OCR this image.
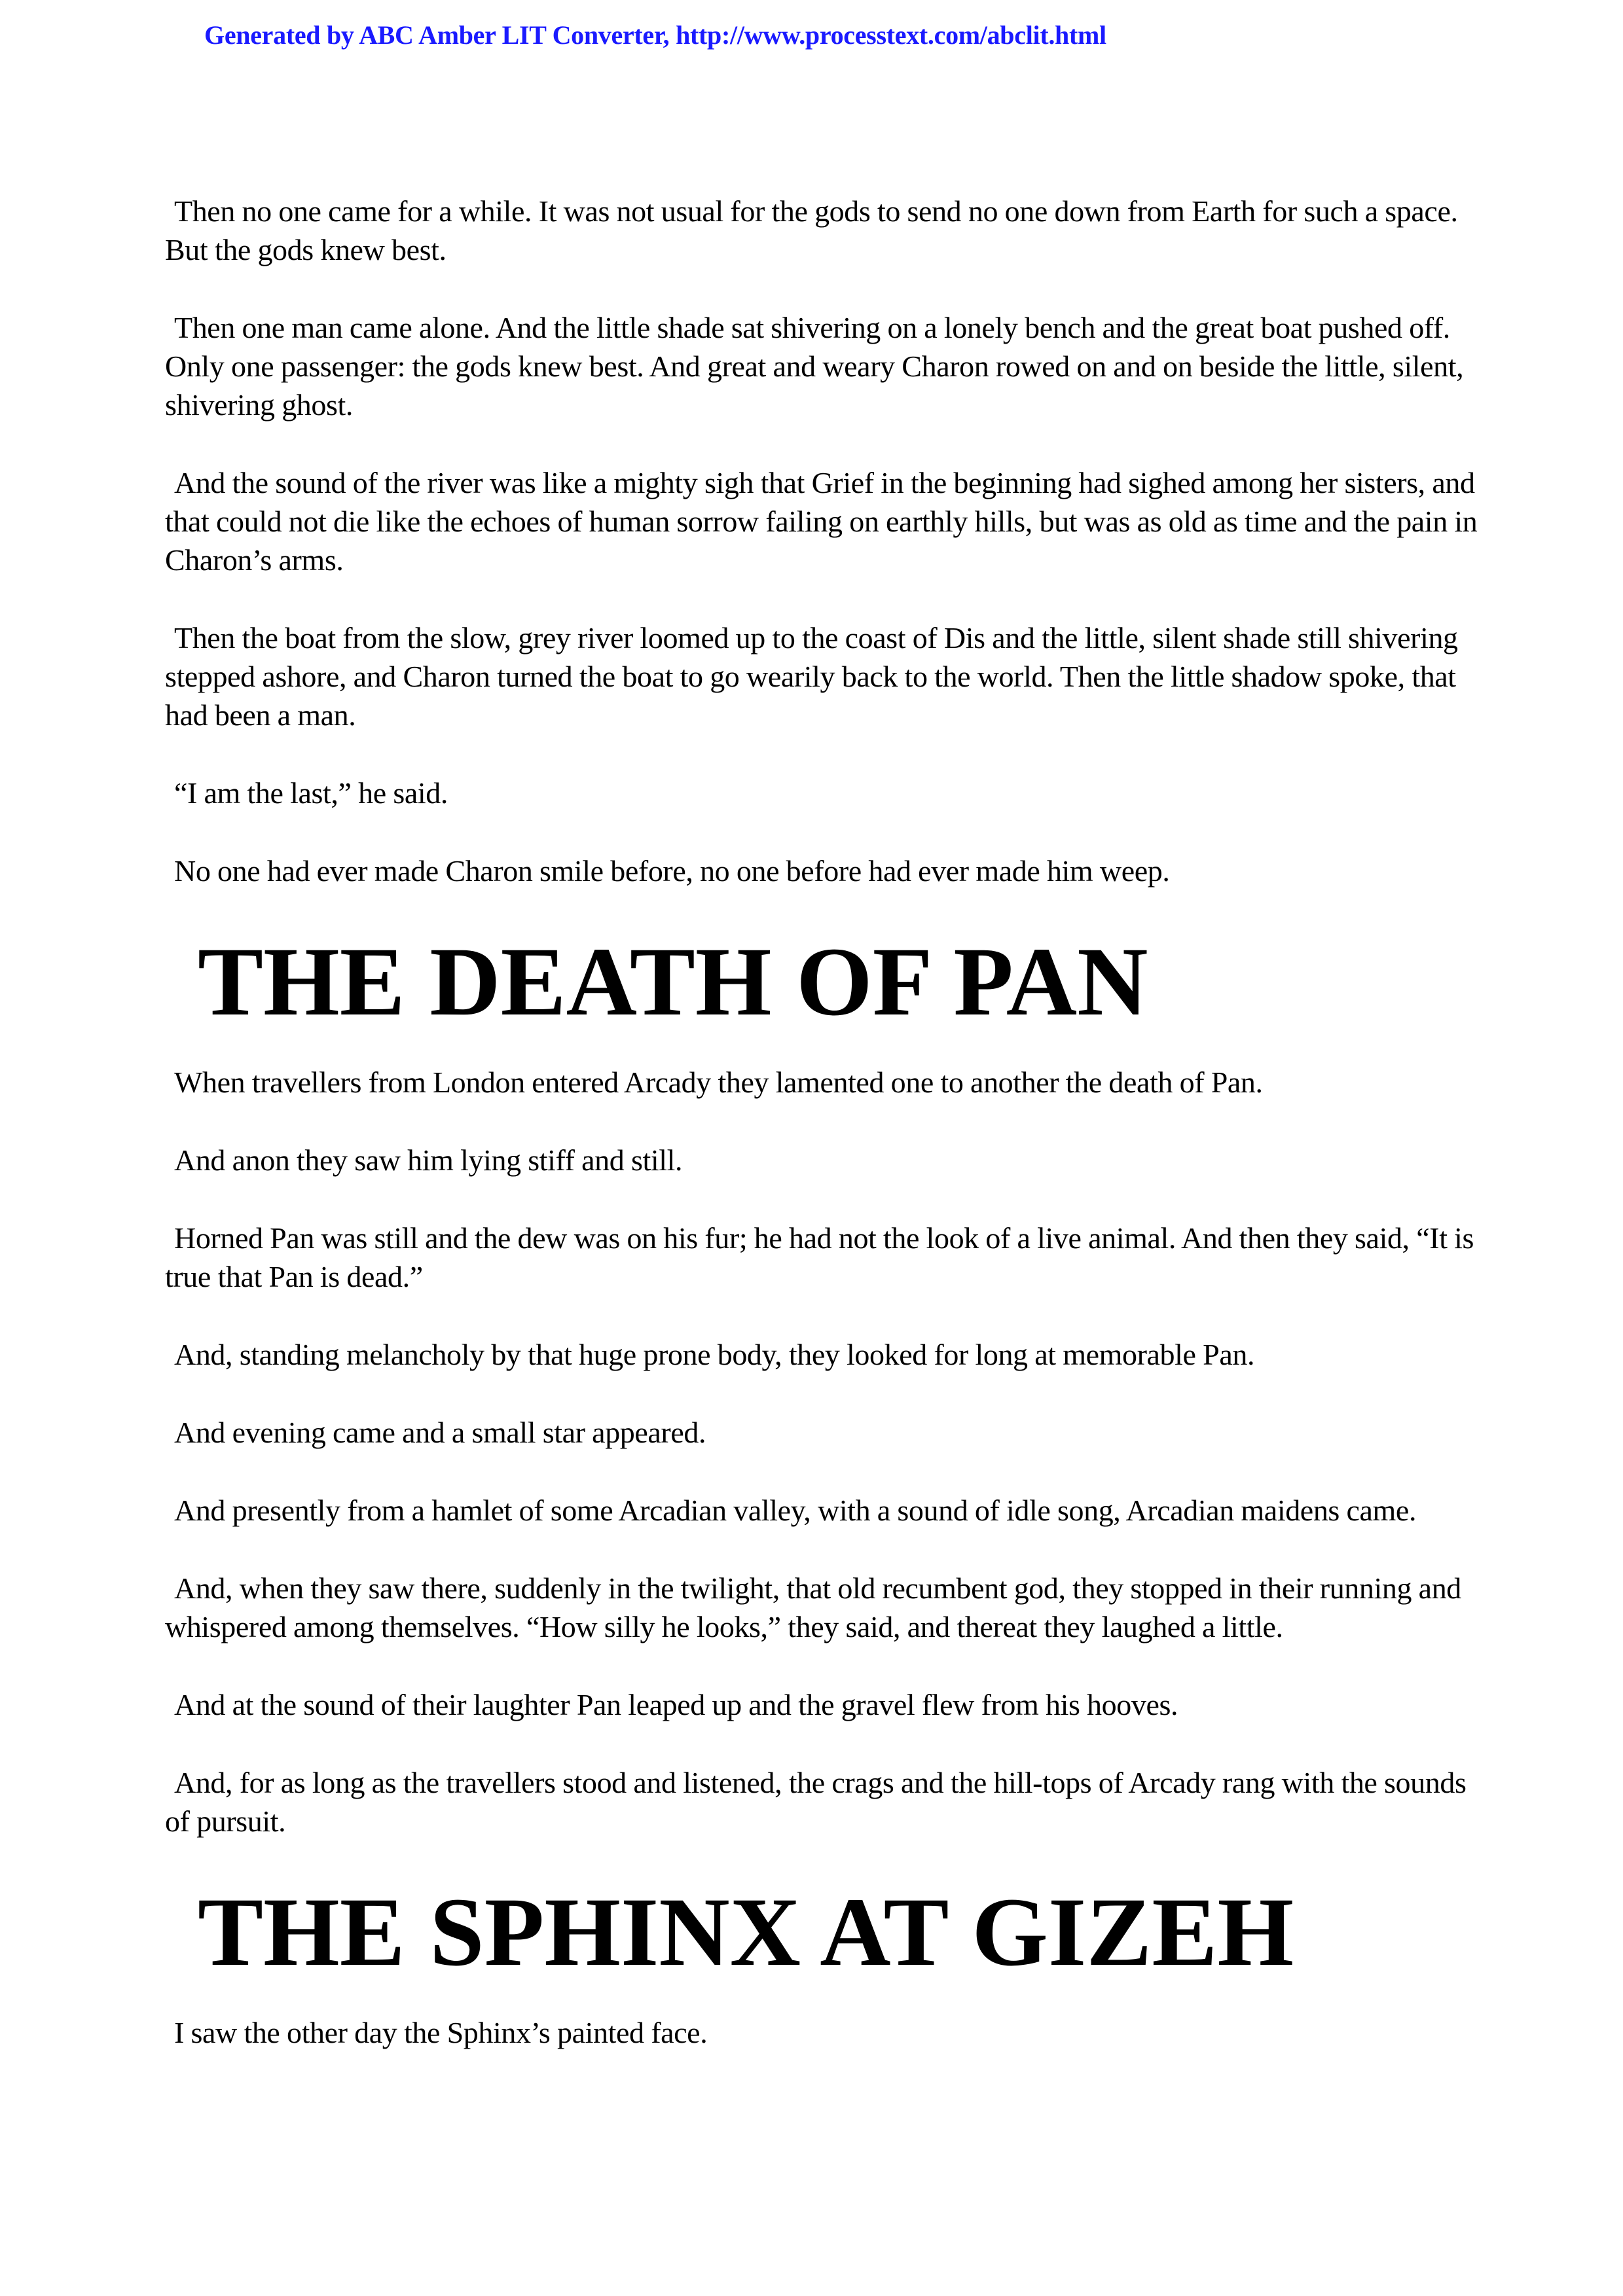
Generated by ABC Amber LIT Converter, http://www.processtext.com/abclit.html

Then no one came for a while. It was not usual for the gods to send no one down from Earth for such a space. But the gods knew best.

Then one man came alone. And the little shade sat shivering on a lonely bench and the great boat pushed off. Only one passenger: the gods knew best. And great and weary Charon rowed on and on beside the little, silent, shivering ghost.

And the sound of the river was like a mighty sigh that Grief in the beginning had sighed among her sisters, and that could not die like the echoes of human sorrow failing on earthly hills, but was as old as time and the pain in Charon’s arms.

Then the boat from the slow, grey river loomed up to the coast of Dis and the little, silent shade still shivering stepped ashore, and Charon turned the boat to go wearily back to the world. Then the little shadow spoke, that had been a man.

“I am the last,” he said.

No one had ever made Charon smile before, no one before had ever made him weep.

THE DEATH OF PAN

When travellers from London entered Arcady they lamented one to another the death of Pan.

And anon they saw him lying stiff and still.

Horned Pan was still and the dew was on his fur; he had not the look of a live animal. And then they said, “It is true that Pan is dead.”

And, standing melancholy by that huge prone body, they looked for long at memorable Pan.

And evening came and a small star appeared.

And presently from a hamlet of some Arcadian valley, with a sound of idle song, Arcadian maidens came.

And, when they saw there, suddenly in the twilight, that old recumbent god, they stopped in their running and whispered among themselves. “How silly he looks,” they said, and thereat they laughed a little.

And at the sound of their laughter Pan leaped up and the gravel flew from his hooves.

And, for as long as the travellers stood and listened, the crags and the hill-tops of Arcady rang with the sounds of pursuit.

THE SPHINX AT GIZEH

I saw the other day the Sphinx’s painted face.
